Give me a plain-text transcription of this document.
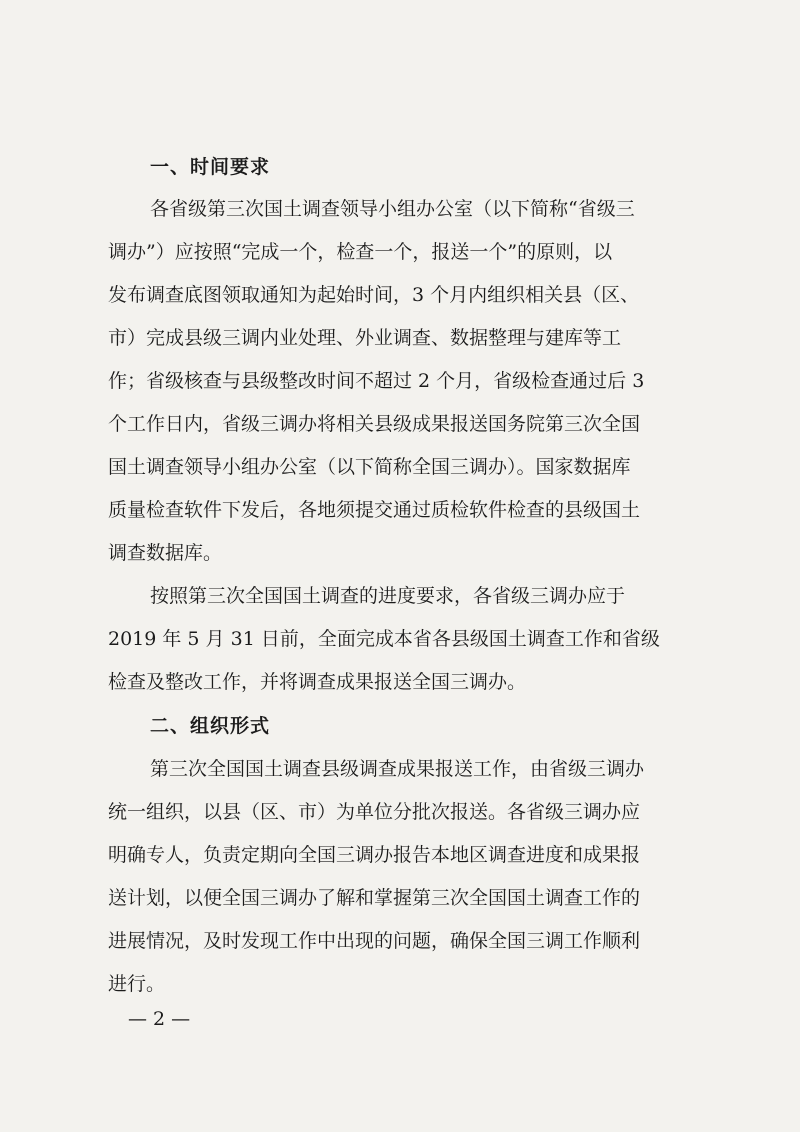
一、时间要求
各省级第三次国土调查领导小组办公室（以下简称“省级三
调办”）应按照“完成一个，检查一个，报送一个”的原则，以
发布调查底图领取通知为起始时间，3 个月内组织相关县（区、
市）完成县级三调内业处理、外业调查、数据整理与建库等工
作；省级核查与县级整改时间不超过 2 个月，省级检查通过后 3
个工作日内，省级三调办将相关县级成果报送国务院第三次全国
国土调查领导小组办公室（以下简称全国三调办）。国家数据库
质量检查软件下发后，各地须提交通过质检软件检查的县级国土
调查数据库。
按照第三次全国国土调查的进度要求，各省级三调办应于
2019 年 5 月 31 日前，全面完成本省各县级国土调查工作和省级
检查及整改工作，并将调查成果报送全国三调办。
二、组织形式
第三次全国国土调查县级调查成果报送工作，由省级三调办
统一组织，以县（区、市）为单位分批次报送。各省级三调办应
明确专人，负责定期向全国三调办报告本地区调查进度和成果报
送计划，以便全国三调办了解和掌握第三次全国国土调查工作的
进展情况，及时发现工作中出现的问题，确保全国三调工作顺利
进行。
— 2 —
